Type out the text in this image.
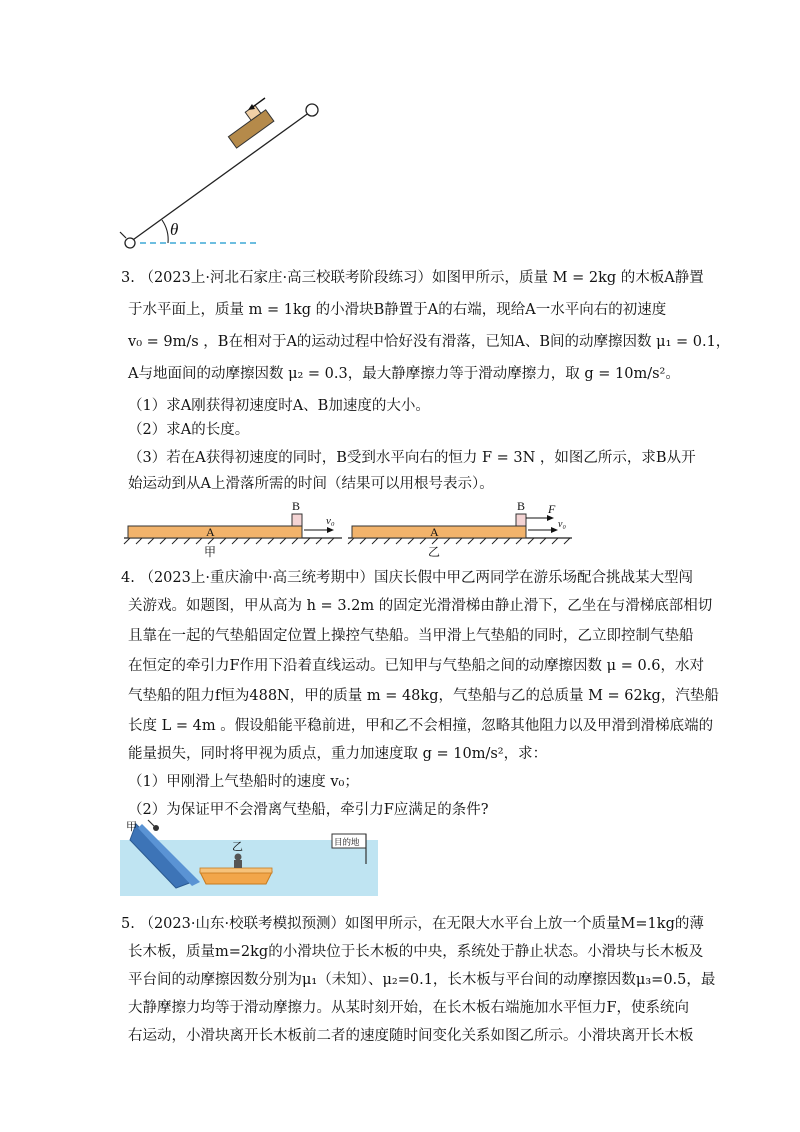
θ
3. （2023上·河北石家庄·高三校联考阶段练习）如图甲所示，质量 M = 2kg 的木板A静置
于水平面上，质量 m = 1kg 的小滑块B静置于A的右端，现给A一水平向右的初速度
v₀ = 9m/s ，B在相对于A的运动过程中恰好没有滑落，已知A、B间的动摩擦因数 μ₁ = 0.1，
A与地面间的动摩擦因数 μ₂ = 0.3，最大静摩擦力等于滑动摩擦力，取 g = 10m/s²。
（1）求A刚获得初速度时A、B加速度的大小。
（2）求A的长度。
（3）若在A获得初速度的同时，B受到水平向右的恒力 F = 3N ，如图乙所示，求B从开
始运动到从A上滑落所需的时间（结果可以用根号表示）。
A
B
v₀
甲
A
B F
v₀
乙
4. （2023上·重庆渝中·高三统考期中）国庆长假中甲乙两同学在游乐场配合挑战某大型闯
关游戏。如题图，甲从高为 h = 3.2m 的固定光滑滑梯由静止滑下，乙坐在与滑梯底部相切
且靠在一起的气垫船固定位置上操控气垫船。当甲滑上气垫船的同时，乙立即控制气垫船
在恒定的牵引力F作用下沿着直线运动。已知甲与气垫船之间的动摩擦因数 μ = 0.6，水对
气垫船的阻力f恒为488N，甲的质量 m = 48kg，气垫船与乙的总质量 M = 62kg，汽垫船
长度 L = 4m 。假设船能平稳前进，甲和乙不会相撞，忽略其他阻力以及甲滑到滑梯底端的
能量损失，同时将甲视为质点，重力加速度取 g = 10m/s²，求：
（1）甲刚滑上气垫船时的速度 v₀；
（2）为保证甲不会滑离气垫船，牵引力F应满足的条件?
甲
乙	目的地
5. （2023·山东·校联考模拟预测）如图甲所示，在无限大水平台上放一个质量M=1kg的薄
长木板，质量m=2kg的小滑块位于长木板的中央，系统处于静止状态。小滑块与长木板及
平台间的动摩擦因数分别为μ₁（未知）、μ₂=0.1，长木板与平台间的动摩擦因数μ₃=0.5，最
大静摩擦力均等于滑动摩擦力。从某时刻开始，在长木板右端施加水平恒力F，使系统向
右运动，小滑块离开长木板前二者的速度随时间变化关系如图乙所示。小滑块离开长木板
